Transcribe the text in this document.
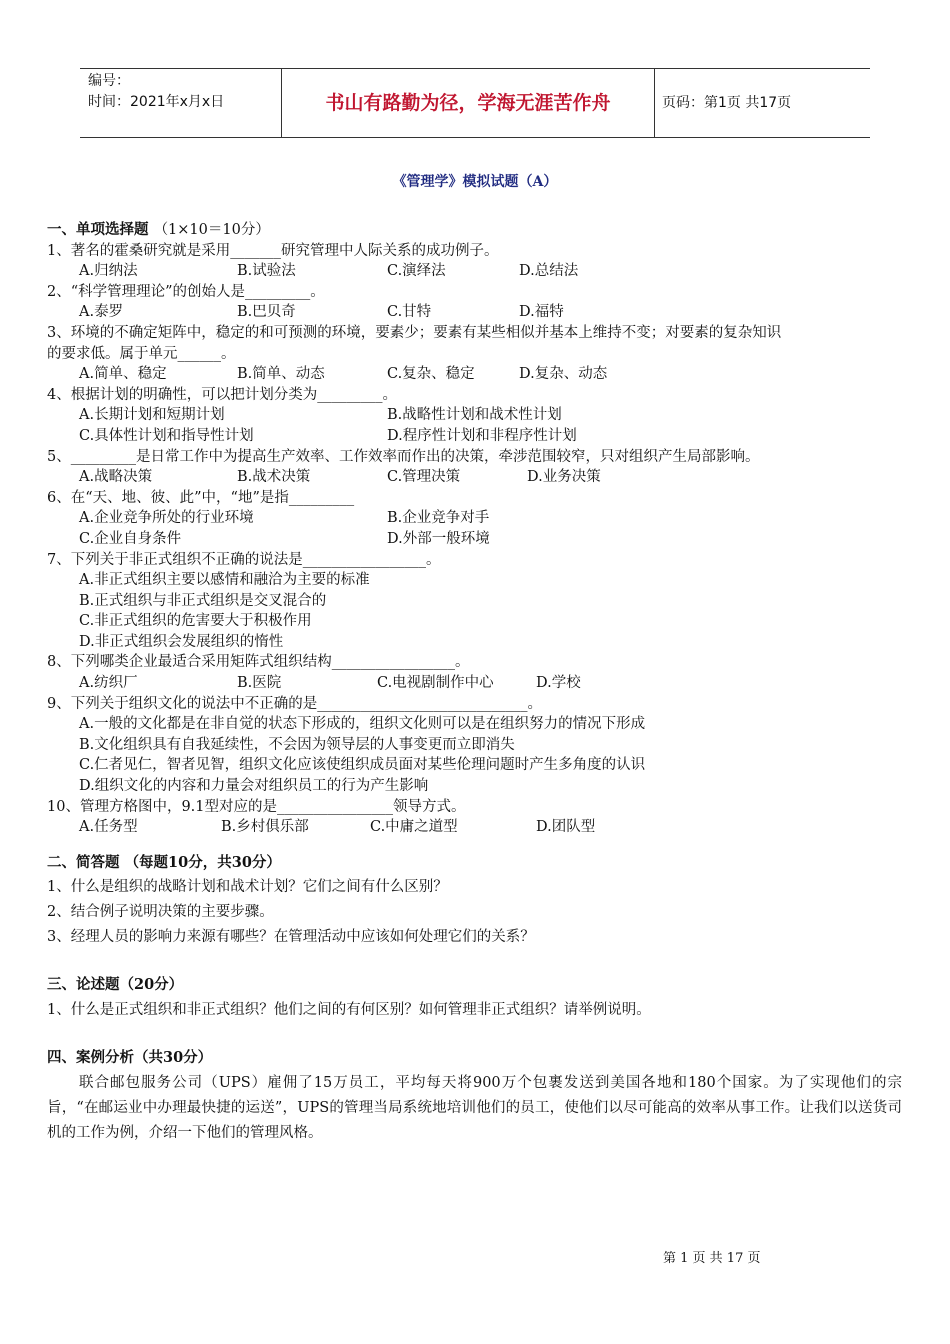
编号：
时间：2021年x月x日	书山有路勤为径，学海无涯苦作舟	页码：第1页 共17页
《管理学》模拟试题（A）
一、单项选择题 （1×10＝10分）
1、著名的霍桑研究就是采用_______研究管理中人际关系的成功例子。
A.归纳法	B.试验法	C.演绎法	D.总结法
2、“科学管理理论”的创始人是_________。
A.泰罗	B.巴贝奇	C.甘特	D.福特
3、环境的不确定矩阵中，稳定的和可预测的环境，要素少；要素有某些相似并基本上维持不变；对要素的复杂知识
的要求低。属于单元______。
A.简单、稳定	B.简单、动态	C.复杂、稳定	D.复杂、动态
4、根据计划的明确性，可以把计划分类为_________。
A.长期计划和短期计划	B.战略性计划和战术性计划
C.具体性计划和指导性计划	D.程序性计划和非程序性计划
5、_________是日常工作中为提高生产效率、工作效率而作出的决策，牵涉范围较窄，只对组织产生局部影响。
A.战略决策	B.战术决策	C.管理决策	D.业务决策
6、在“天、地、彼、此”中，“地”是指_________
A.企业竞争所处的行业环境	B.企业竞争对手
C.企业自身条件	D.外部一般环境
7、下列关于非正式组织不正确的说法是_________________。
A.非正式组织主要以感情和融洽为主要的标准
B.正式组织与非正式组织是交叉混合的
C.非正式组织的危害要大于积极作用
D.非正式组织会发展组织的惰性
8、下列哪类企业最适合采用矩阵式组织结构_________________。
A.纺织厂	B.医院	C.电视剧制作中心	D.学校
9、下列关于组织文化的说法中不正确的是_____________________________。
A.一般的文化都是在非自觉的状态下形成的，组织文化则可以是在组织努力的情况下形成
B.文化组织具有自我延续性，不会因为领导层的人事变更而立即消失
C.仁者见仁，智者见智，组织文化应该使组织成员面对某些伦理问题时产生多角度的认识
D.组织文化的内容和力量会对组织员工的行为产生影响
10、管理方格图中，9.1型对应的是________________领导方式。
A.任务型	B.乡村俱乐部	C.中庸之道型	D.团队型
二、简答题 （每题10分，共30分）
1、什么是组织的战略计划和战术计划？它们之间有什么区别？
2、结合例子说明决策的主要步骤。
3、经理人员的影响力来源有哪些？在管理活动中应该如何处理它们的关系？
三、论述题（20分）
1、什么是正式组织和非正式组织？他们之间的有何区别？如何管理非正式组织？请举例说明。
四、案例分析（共30分）

联合邮包服务公司（UPS）雇佣了15万员工，平均每天将900万个包裹发送到美国各地和180个国家。为了实现他们的宗旨，“在邮运业中办理最快捷的运送”，UPS的管理当局系统地培训他们的员工，使他们以尽可能高的效率从事工作。让我们以送货司机的工作为例，介绍一下他们的管理风格。

第 1 页 共 17 页
